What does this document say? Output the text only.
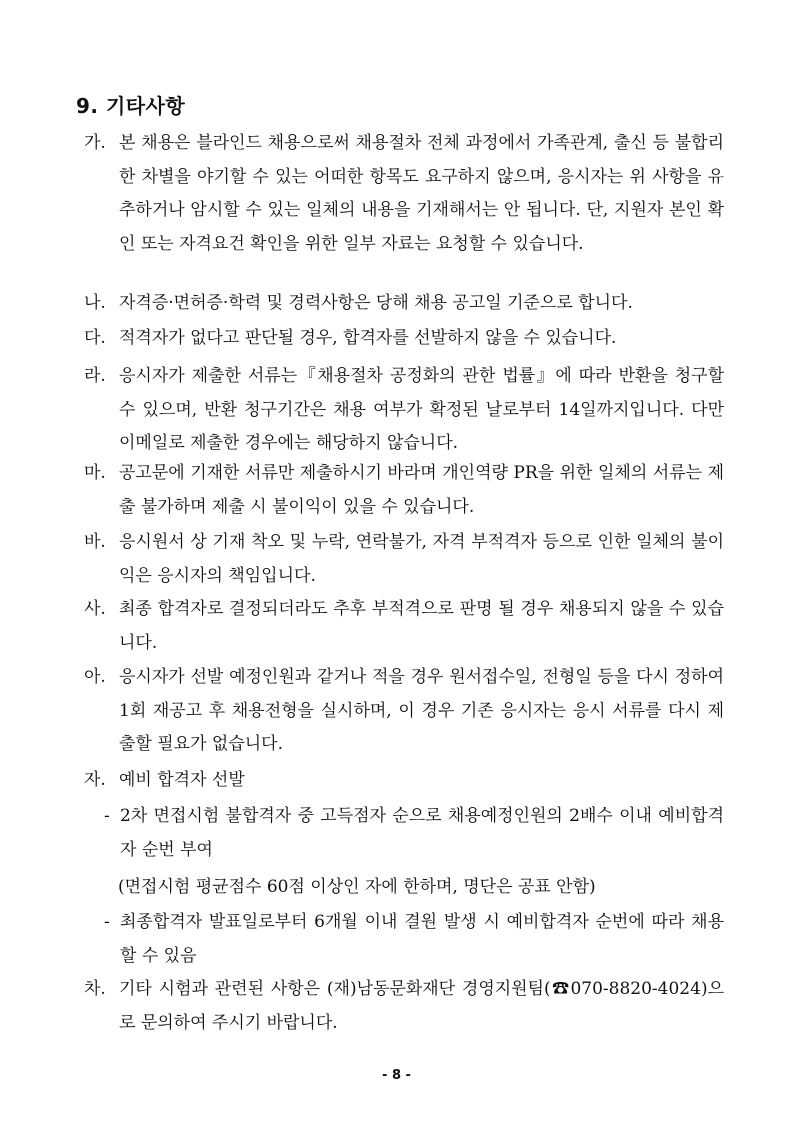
9. 기타사항
가. 본 채용은 블라인드 채용으로써 채용절차 전체 과정에서 가족관계, 출신 등 불합리한 차별을 야기할 수 있는 어떠한 항목도 요구하지 않으며, 응시자는 위 사항을 유추하거나 암시할 수 있는 일체의 내용을 기재해서는 안 됩니다. 단, 지원자 본인 확인 또는 자격요건 확인을 위한 일부 자료는 요청할 수 있습니다.
나. 자격증·면허증·학력 및 경력사항은 당해 채용 공고일 기준으로 합니다.
다. 적격자가 없다고 판단될 경우, 합격자를 선발하지 않을 수 있습니다.
라. 응시자가 제출한 서류는『채용절차 공정화의 관한 법률』에 따라 반환을 청구할 수 있으며, 반환 청구기간은 채용 여부가 확정된 날로부터 14일까지입니다. 다만 이메일로 제출한 경우에는 해당하지 않습니다.
마. 공고문에 기재한 서류만 제출하시기 바라며 개인역량 PR을 위한 일체의 서류는 제출 불가하며 제출 시 불이익이 있을 수 있습니다.
바. 응시원서 상 기재 착오 및 누락, 연락불가, 자격 부적격자 등으로 인한 일체의 불이익은 응시자의 책임입니다.
사. 최종 합격자로 결정되더라도 추후 부적격으로 판명 될 경우 채용되지 않을 수 있습니다.
아. 응시자가 선발 예정인원과 같거나 적을 경우 원서접수일, 전형일 등을 다시 정하여 1회 재공고 후 채용전형을 실시하며, 이 경우 기존 응시자는 응시 서류를 다시 제출할 필요가 없습니다.
자. 예비 합격자 선발
- 2차 면접시험 불합격자 중 고득점자 순으로 채용예정인원의 2배수 이내 예비합격자 순번 부여
(면접시험 평균점수 60점 이상인 자에 한하며, 명단은 공표 안함)
- 최종합격자 발표일로부터 6개월 이내 결원 발생 시 예비합격자 순번에 따라 채용할 수 있음
차. 기타 시험과 관련된 사항은 (재)남동문화재단 경영지원팀(☎070-8820-4024)으로 문의하여 주시기 바랍니다.
- 8 -
